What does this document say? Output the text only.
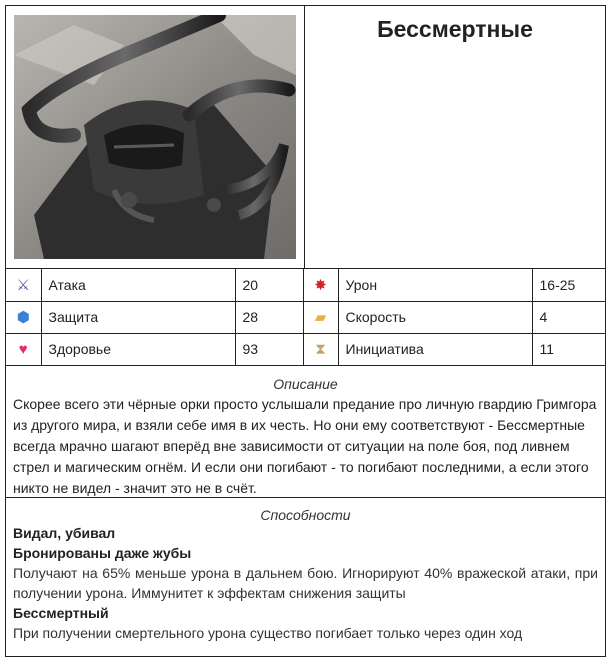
Бессмертные
⚔	Атака	20	✸	Урон	16-25
⬢	Защита	28	▰	Скорость	4
♥	Здоровье	93	⧗	Инициатива	11
Описание
Скорее всего эти чёрные орки просто услышали предание про личную гвардию Гримгора из другого мира, и взяли себе имя в их честь. Но они ему соответствуют - Бессмертные всегда мрачно шагают вперёд вне зависимости от ситуации на поле боя, под ливнем стрел и магическим огнём. И если они погибают - то погибают последними, а если этого никто не видел - значит это не в счёт.
Способности
Видал, убивал
Бронированы даже жубы
Получают на 65% меньше урона в дальнем бою. Игнорируют 40% вражеской атаки, при получении урона. Иммунитет к эффектам снижения защиты
Бессмертный
При получении смертельного урона существо погибает только через один ход
